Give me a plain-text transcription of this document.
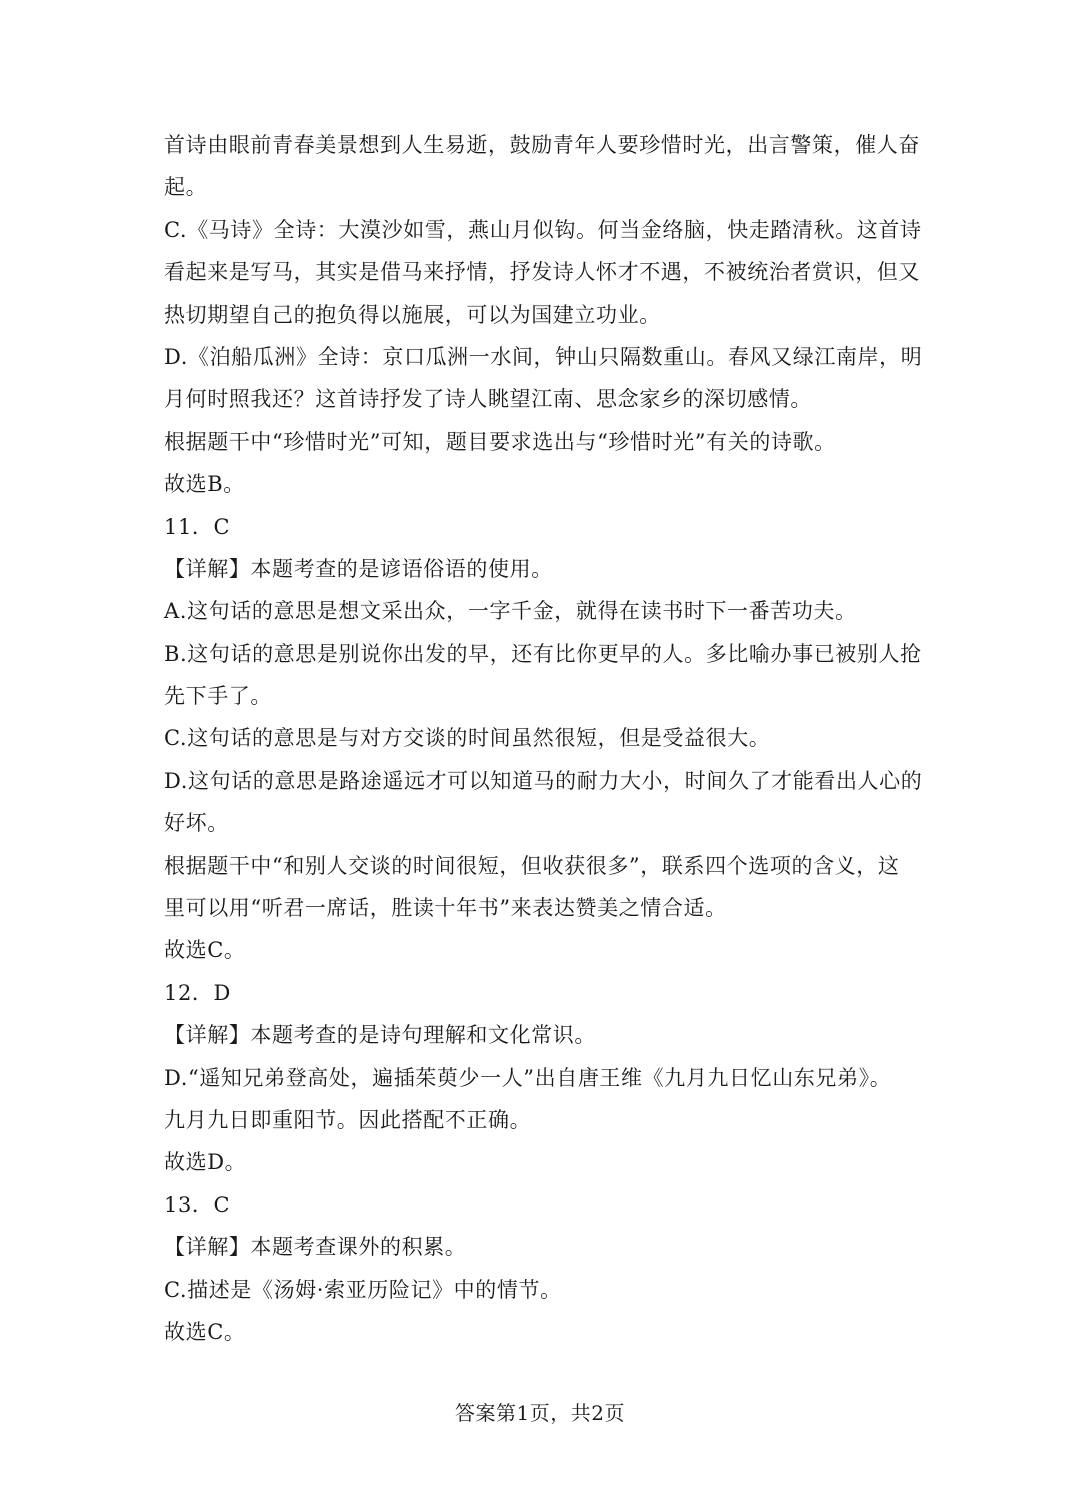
首诗由眼前青春美景想到人生易逝，鼓励青年人要珍惜时光，出言警策，催人奋
起。
C.《马诗》全诗：大漠沙如雪，燕山月似钩。何当金络脑，快走踏清秋。这首诗
看起来是写马，其实是借马来抒情，抒发诗人怀才不遇，不被统治者赏识，但又
热切期望自己的抱负得以施展，可以为国建立功业。
D.《泊船瓜洲》全诗：京口瓜洲一水间，钟山只隔数重山。春风又绿江南岸，明
月何时照我还？这首诗抒发了诗人眺望江南、思念家乡的深切感情。
根据题干中“珍惜时光”可知，题目要求选出与“珍惜时光”有关的诗歌。
故选B。
11．C
【详解】本题考查的是谚语俗语的使用。
A.这句话的意思是想文采出众，一字千金，就得在读书时下一番苦功夫。
B.这句话的意思是别说你出发的早，还有比你更早的人。多比喻办事已被别人抢
先下手了。
C.这句话的意思是与对方交谈的时间虽然很短，但是受益很大。
D.这句话的意思是路途遥远才可以知道马的耐力大小，时间久了才能看出人心的
好坏。
根据题干中“和别人交谈的时间很短，但收获很多”，联系四个选项的含义，这
里可以用“听君一席话，胜读十年书”来表达赞美之情合适。
故选C。
12．D
【详解】本题考查的是诗句理解和文化常识。
D.“遥知兄弟登高处，遍插茱萸少一人”出自唐王维《九月九日忆山东兄弟》。
九月九日即重阳节。因此搭配不正确。
故选D。
13．C
【详解】本题考查课外的积累。
C.描述是《汤姆·索亚历险记》中的情节。
故选C。
答案第1页，共2页
